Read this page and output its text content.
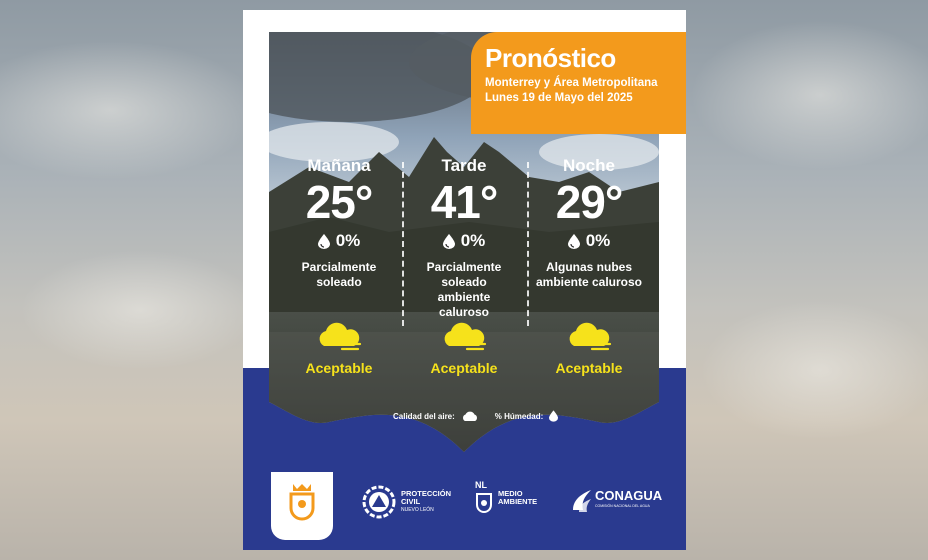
Pronóstico
Monterrey y Área Metropolitana
Lunes 19 de Mayo del 2025
Mañana
25°
0%
Parcialmente
soleado
Tarde
41°
0%
Parcialmente
soleado
ambiente
caluroso
Noche
29°
0%
Algunas nubes
ambiente caluroso
Aceptable	Aceptable	Aceptable
Calidad del aire:	% Húmedad:
PROTECCIÓN
CIVIL
NUEVO LEÓN
NL
MEDIO
AMBIENTE	CONAGUA
COMISIÓN NACIONAL DEL AGUA
